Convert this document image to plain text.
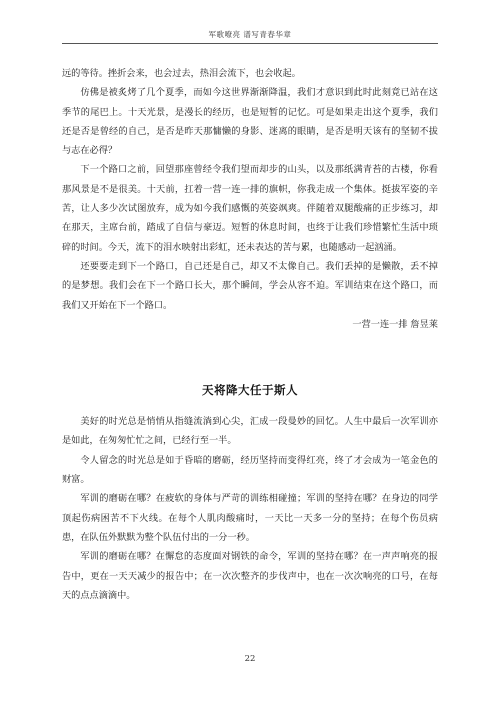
军歌嘹亮 谱写青春华章

远的等待。挫折会来，也会过去，热泪会流下，也会收起。

仿佛是被炙烤了几个夏季，而如今这世界渐渐降温，我们才意识到此时此刻竟已站在这季节的尾巴上。十天光景，是漫长的经历，也是短暂的记忆。可是如果走出这个夏季，我们还是否是曾经的自己，是否是昨天那慵懒的身影、迷离的眼睛，是否是明天该有的坚韧不拔与志在必得？

下一个路口之前，回望那座曾经令我们望而却步的山头，以及那纸满青苔的古楼，你看那风景是不是很美。十天前，扛着一营一连一排的旗帜，你我走成一个集体。挺拔军姿的辛苦，让人多少次试图放弃，成为如今我们感慨的英姿飒爽。伴随着双腿酸痛的正步练习，却在那天，主席台前，踏成了自信与豪迈。短暂的休息时间，也终于让我们珍惜繁忙生活中琐碎的时间。今天，流下的泪水映射出彩虹，还未表达的苦与累，也随感动一起汹涌。

还要要走到下一个路口，自己还是自己，却又不太像自己。我们丢掉的是懒散，丢不掉的是梦想。我们会在下一个路口长大，那个瞬间，学会从容不迫。军训结束在这个路口，而我们又开始在下一个路口。

一营一连一排 詹昱莱

天将降大任于斯人

美好的时光总是悄悄从指缝流淌到心尖，汇成一段曼妙的回忆。人生中最后一次军训亦是如此，在匆匆忙忙之间，已经行至一半。

令人留念的时光总是如于昏暗的磨砺，经历坚持而变得红亮，终了才会成为一笔金色的财富。

军训的磨砺在哪？在疲软的身体与严苛的训练相碰撞；军训的坚持在哪？在身边的同学顶起伤病困苦不下火线。在每个人肌肉酸痛时，一天比一天多一分的坚持；在每个伤员病患，在队伍外默默为整个队伍付出的一分一秒。

军训的磨砺在哪？在懈怠的态度面对钢铁的命令，军训的坚持在哪？在一声声响亮的报告中，更在一天天减少的报告中；在一次次整齐的步伐声中，也在一次次响亮的口号，在每天的点点滴滴中。

22
